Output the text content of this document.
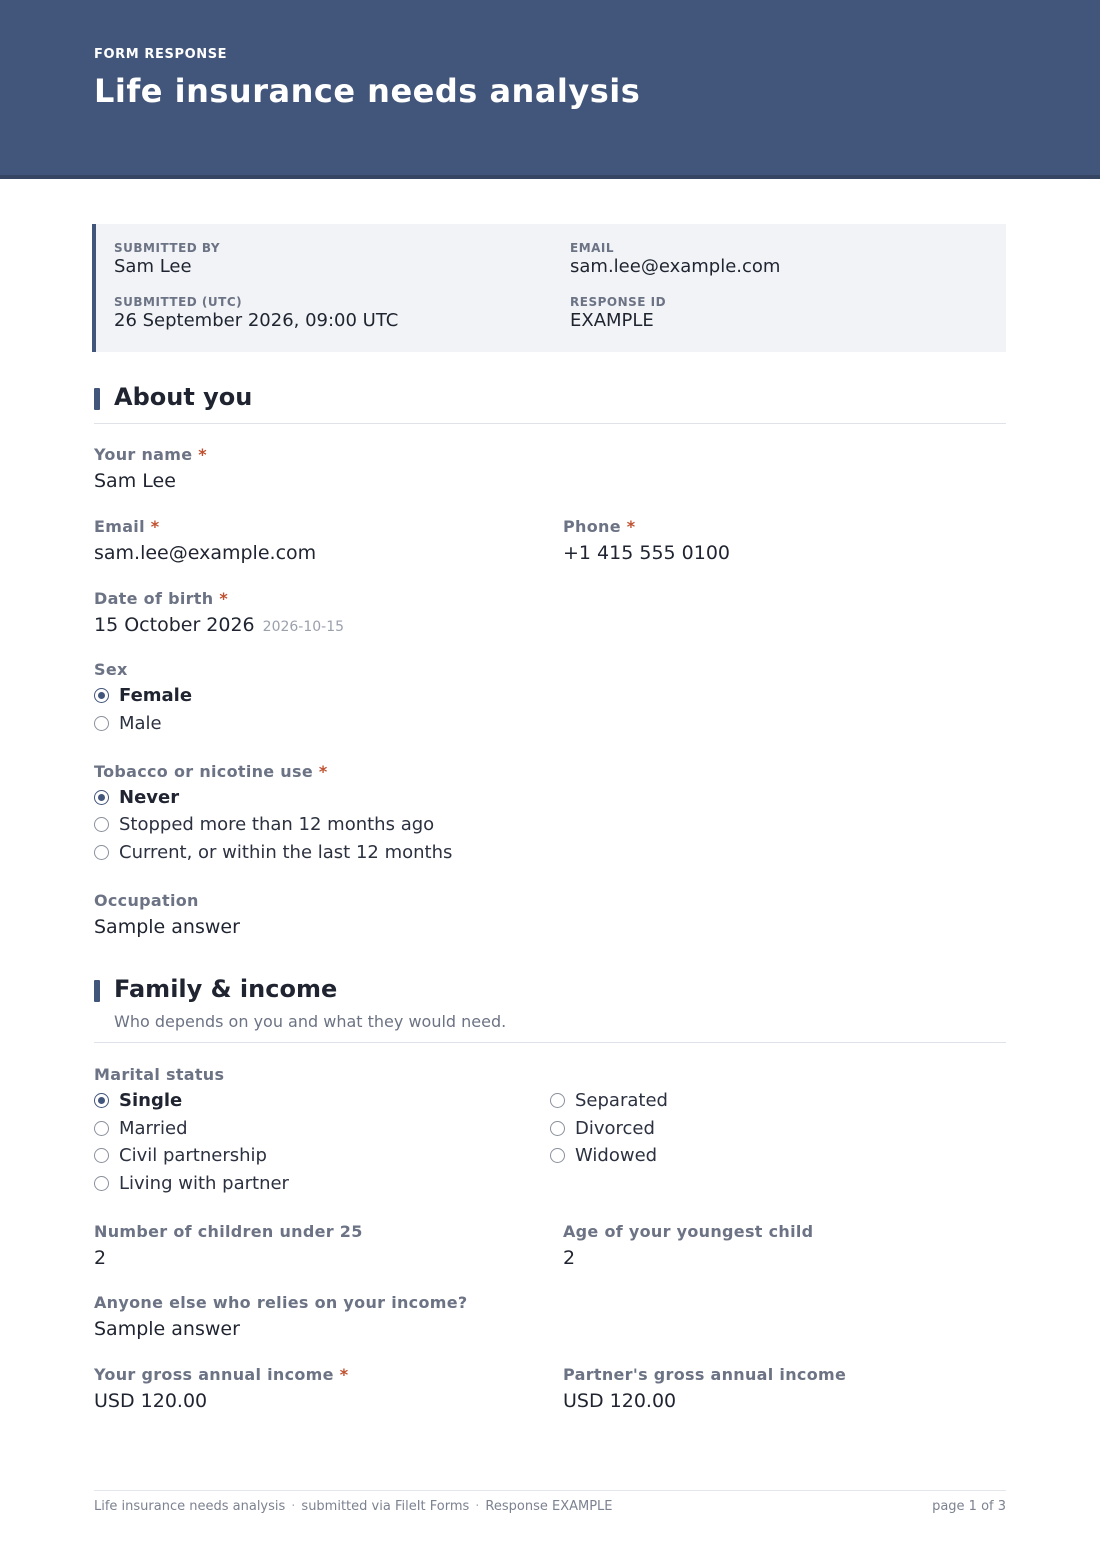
FORM RESPONSE
Life insurance needs analysis
SUBMITTED BY
Sam Lee
EMAIL
sam.lee@example.com
SUBMITTED (UTC)
26 September 2026, 09:00 UTC
RESPONSE ID
EXAMPLE
About you
Your name *
Sam Lee
Email *
sam.lee@example.com
Phone *
+1 415 555 0100
Date of birth *
15 October 2026 2026-10-15
Sex
Female
Male
Tobacco or nicotine use *
Never
Stopped more than 12 months ago
Current, or within the last 12 months
Occupation
Sample answer
Family & income
Who depends on you and what they would need.
Marital status
Single
Married
Civil partnership
Living with partner
Separated
Divorced
Widowed
Number of children under 25
2
Age of your youngest child
2
Anyone else who relies on your income?
Sample answer
Your gross annual income *
USD 120.00
Partner's gross annual income
USD 120.00
Life insurance needs analysis · submitted via FileIt Forms · Response EXAMPLE	page 1 of 3
